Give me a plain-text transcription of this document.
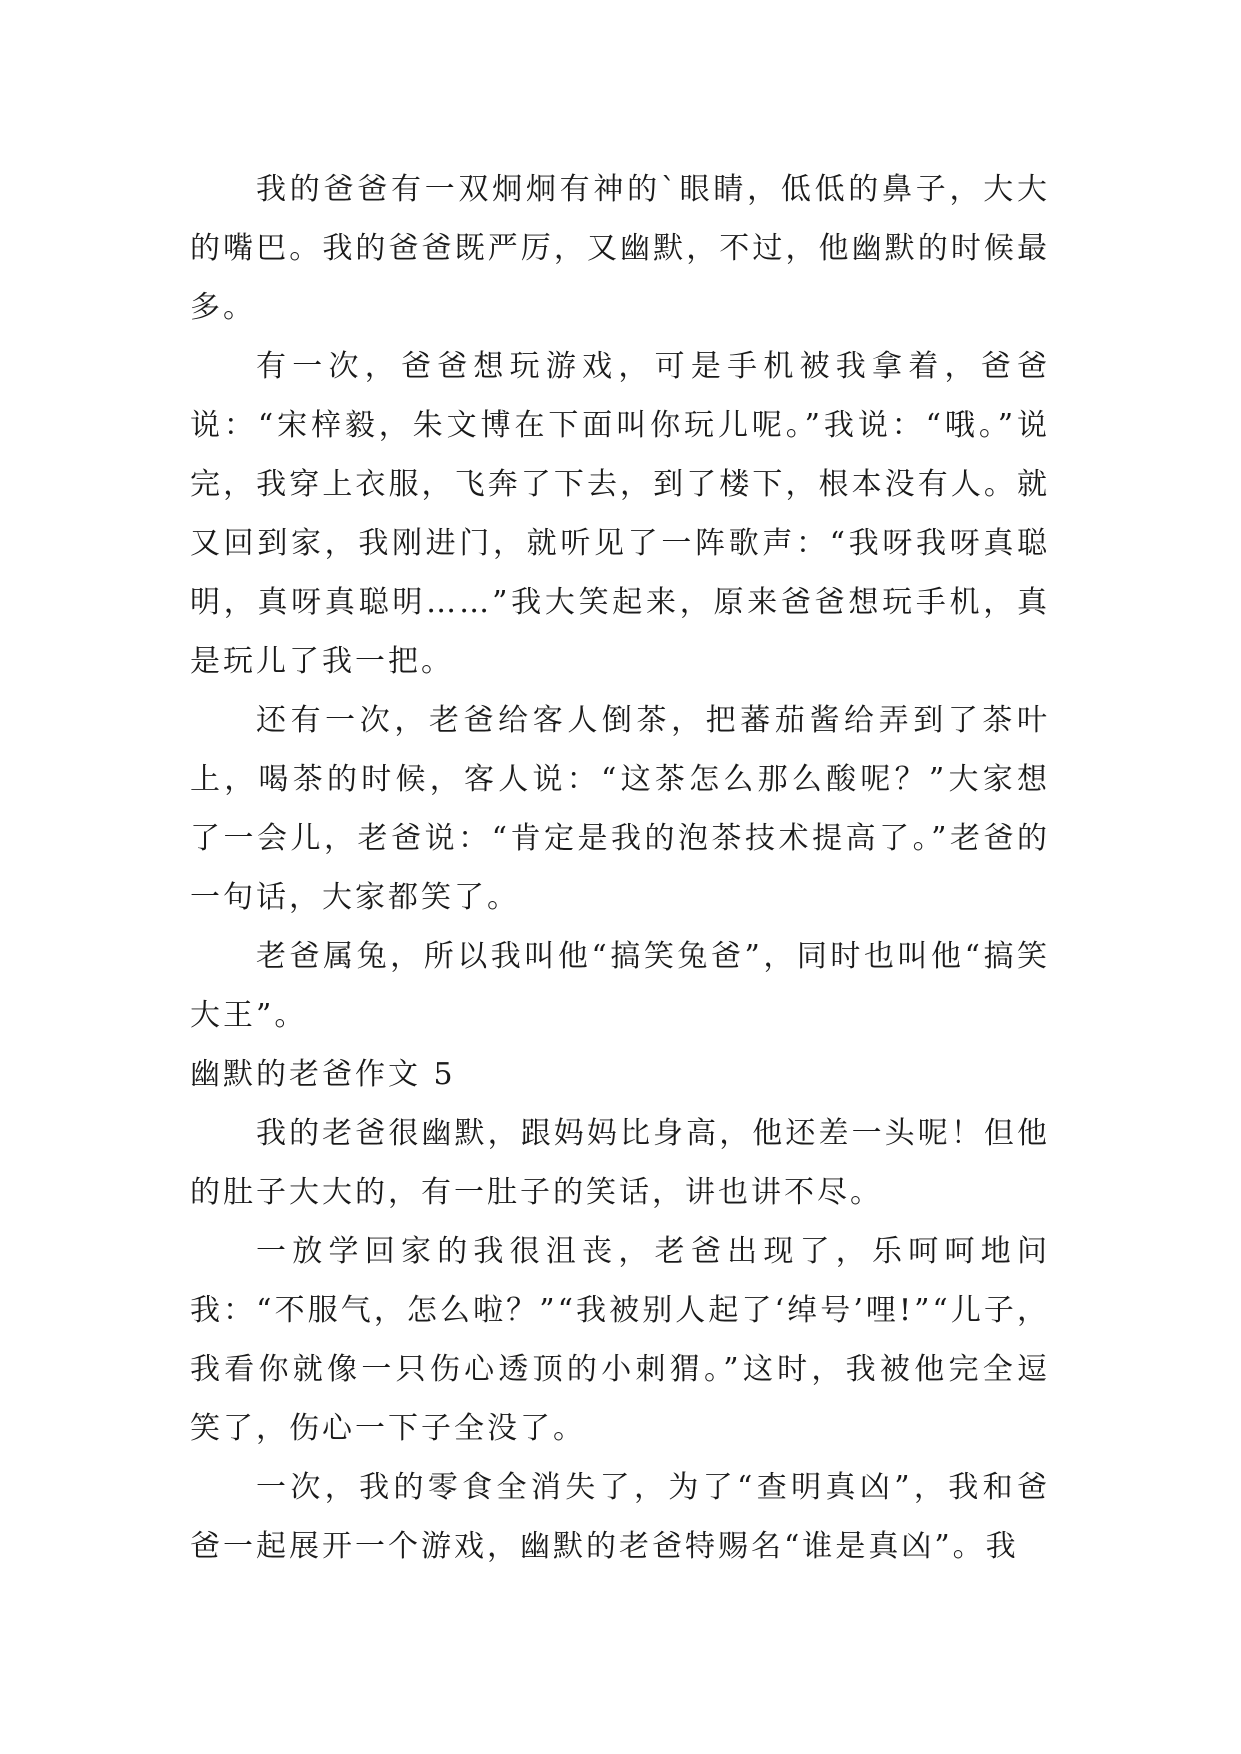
我的爸爸有一双炯炯有神的`眼睛，低低的鼻子，大大的嘴巴。我的爸爸既严厉，又幽默，不过，他幽默的时候最多。

有一次，爸爸想玩游戏，可是手机被我拿着，爸爸说：“宋梓毅，朱文博在下面叫你玩儿呢。”我说：“哦。”说完，我穿上衣服，飞奔了下去，到了楼下，根本没有人。就又回到家，我刚进门，就听见了一阵歌声：“我呀我呀真聪明，真呀真聪明……”我大笑起来，原来爸爸想玩手机，真是玩儿了我一把。

还有一次，老爸给客人倒茶，把蕃茄酱给弄到了茶叶上，喝茶的时候，客人说：“这茶怎么那么酸呢？”大家想了一会儿，老爸说：“肯定是我的泡茶技术提高了。”老爸的一句话，大家都笑了。

老爸属兔，所以我叫他“搞笑兔爸”，同时也叫他“搞笑大王”。

幽默的老爸作文 5

我的老爸很幽默，跟妈妈比身高，他还差一头呢！但他的肚子大大的，有一肚子的笑话，讲也讲不尽。

一放学回家的我很沮丧，老爸出现了，乐呵呵地问我：“不服气，怎么啦？”“我被别人起了‘绰号’哩!”“儿子，我看你就像一只伤心透顶的小刺猬。”这时，我被他完全逗笑了，伤心一下子全没了。

一次，我的零食全消失了，为了“查明真凶”，我和爸爸一起展开一个游戏，幽默的老爸特赐名“谁是真凶”。我
